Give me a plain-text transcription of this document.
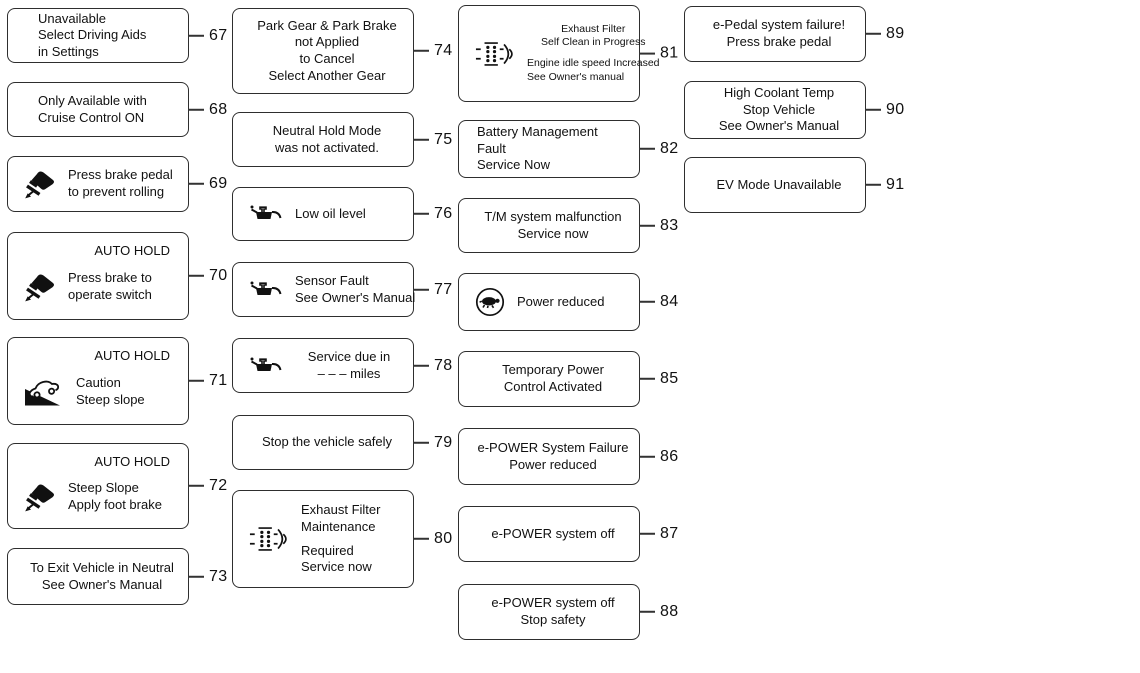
Unavailable
Select Driving Aids
in Settings
67
Only Available with
Cruise Control ON	68
Press brake pedal
to prevent rolling	69
AUTO HOLD
Press brake to
operate switch
70
AUTO HOLD
Caution
Steep slope
71
AUTO HOLD
Steep Slope
Apply foot brake
72
To Exit Vehicle in Neutral
See Owner's Manual	73
Park Gear & Park Brake
not Applied
to Cancel
Select Another Gear
74
Neutral Hold Mode
was not activated.	75
Low oil level	76
Sensor Fault
See Owner's Manual 77
Service due in
– – – miles	78
Stop the vehicle safely	79
Exhaust Filter
Maintenance
Required
Service now
80
Exhaust Filter
Self Clean in Progress
Engine idle speed Increased
See Owner's manual
81
Battery Management
Fault
Service Now
82
T/M system malfunction
Service now	83
Power reduced	84
Temporary Power
Control Activated	85
e-POWER System Failure
Power reduced	86
e-POWER system off	87
e-POWER system off
Stop safety	88
e-Pedal system failure!
Press brake pedal	89
High Coolant Temp
Stop Vehicle
See Owner's Manual
90
EV Mode Unavailable	91
